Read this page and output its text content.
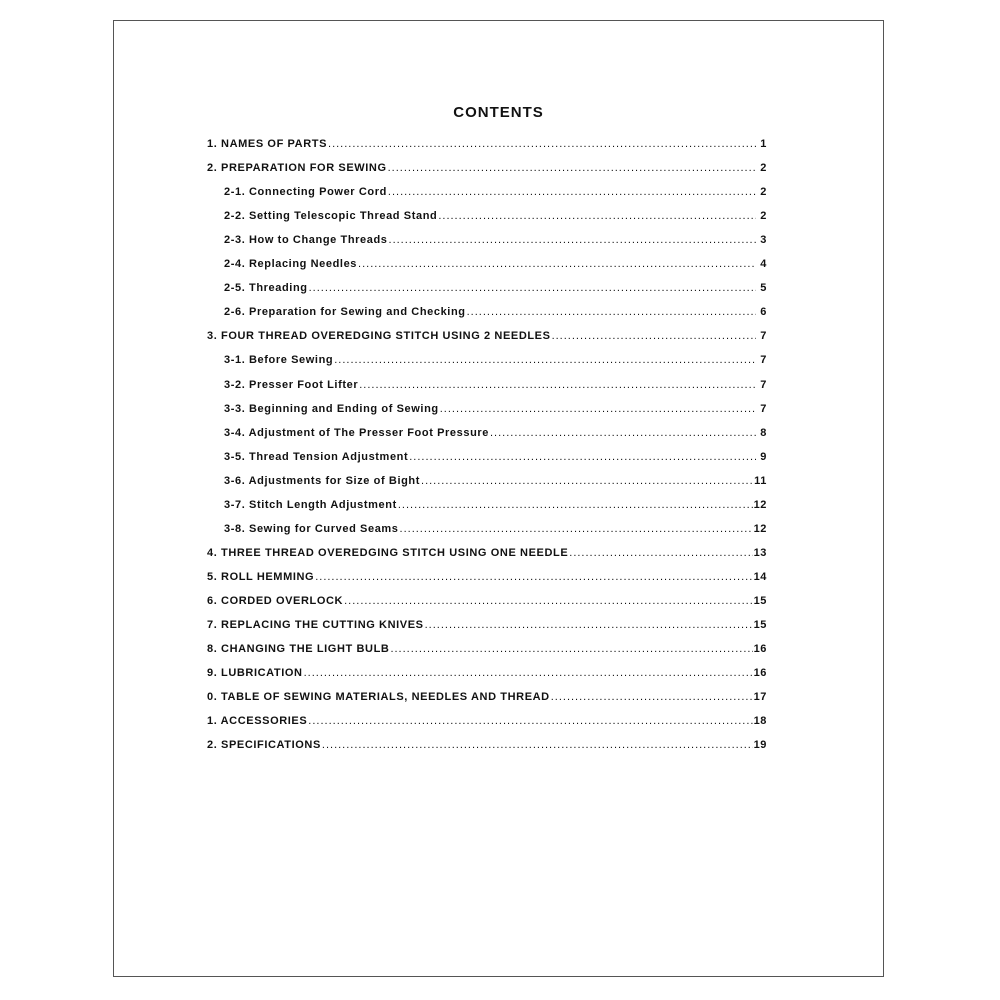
CONTENTS
1. NAMES OF PARTS .....	1
2. PREPARATION FOR SEWING .....	2
2-1. Connecting Power Cord .....	2
2-2. Setting Telescopic Thread Stand .....	2
2-3. How to Change Threads .....	3
2-4. Replacing Needles .....	4
2-5. Threading .....	5
2-6. Preparation for Sewing and Checking .....	6
3. FOUR THREAD OVEREDGING STITCH USING 2 NEEDLES .....	7
3-1. Before Sewing .....	7
3-2. Presser Foot Lifter .....	7
3-3. Beginning and Ending of Sewing .....	7
3-4. Adjustment of The Presser Foot Pressure .....	8
3-5. Thread Tension Adjustment .....	9
3-6. Adjustments for Size of Bight .....	11
3-7. Stitch Length Adjustment .....	12
3-8. Sewing for Curved Seams .....	12
4. THREE THREAD OVEREDGING STITCH USING ONE NEEDLE .....	13
5. ROLL HEMMING .....	14
6. CORDED OVERLOCK .....	15
7. REPLACING THE CUTTING KNIVES .....	15
8. CHANGING THE LIGHT BULB .....	16
9. LUBRICATION .....	16
0. TABLE OF SEWING MATERIALS, NEEDLES AND THREAD .....	17
1. ACCESSORIES .....	18
2. SPECIFICATIONS .....	19
